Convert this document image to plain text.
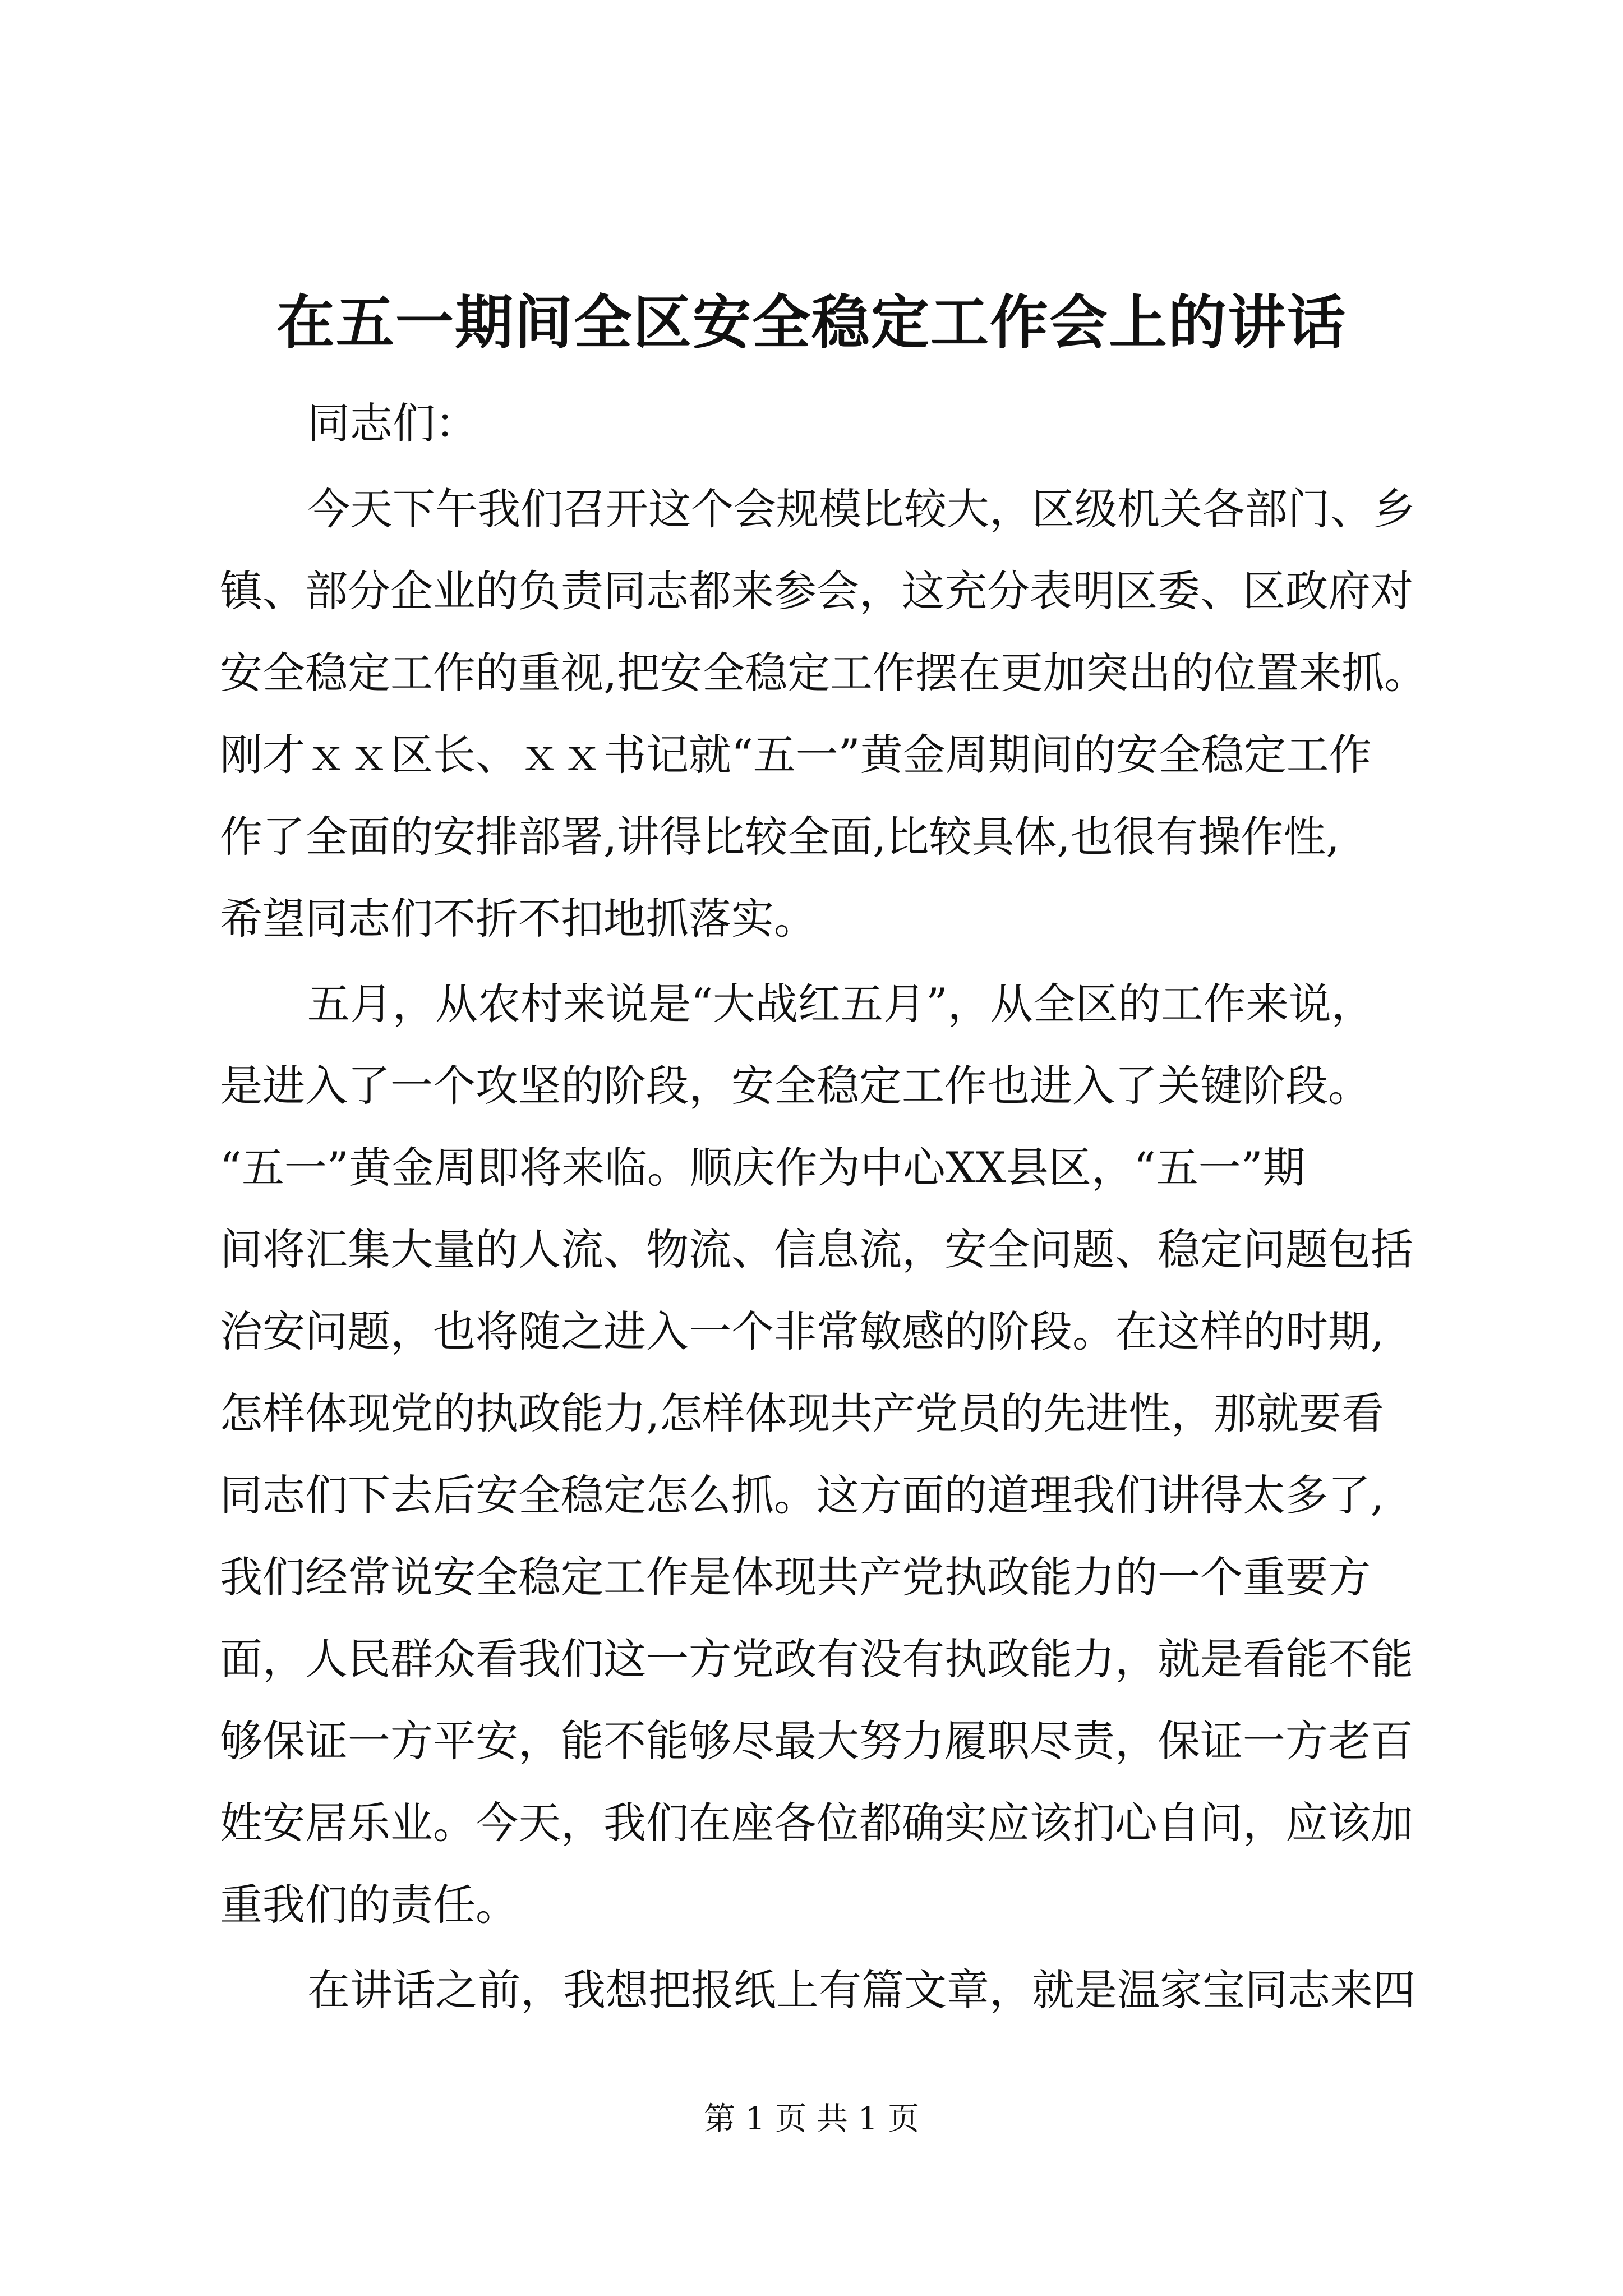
在五一期间全区安全稳定工作会上的讲话
同志们：
今天下午我们召开这个会规模比较大，区级机关各部门、乡
镇、部分企业的负责同志都来参会，这充分表明区委、区政府对
安全稳定工作的重视,把安全稳定工作摆在更加突出的位置来抓。
刚才ｘｘ区长、ｘｘ书记就“五一”黄金周期间的安全稳定工作
作了全面的安排部署,讲得比较全面,比较具体,也很有操作性,
希望同志们不折不扣地抓落实。
五月，从农村来说是“大战红五月”，从全区的工作来说，
是进入了一个攻坚的阶段，安全稳定工作也进入了关键阶段。
“五一”黄金周即将来临。顺庆作为中心XX县区，“五一”期
间将汇集大量的人流、物流、信息流，安全问题、稳定问题包括
治安问题，也将随之进入一个非常敏感的阶段。在这样的时期,
怎样体现党的执政能力,怎样体现共产党员的先进性，那就要看
同志们下去后安全稳定怎么抓。这方面的道理我们讲得太多了,
我们经常说安全稳定工作是体现共产党执政能力的一个重要方
面，人民群众看我们这一方党政有没有执政能力，就是看能不能
够保证一方平安，能不能够尽最大努力履职尽责，保证一方老百
姓安居乐业。今天，我们在座各位都确实应该扪心自问，应该加
重我们的责任。
在讲话之前，我想把报纸上有篇文章，就是温家宝同志来四
第 1 页 共 1 页
